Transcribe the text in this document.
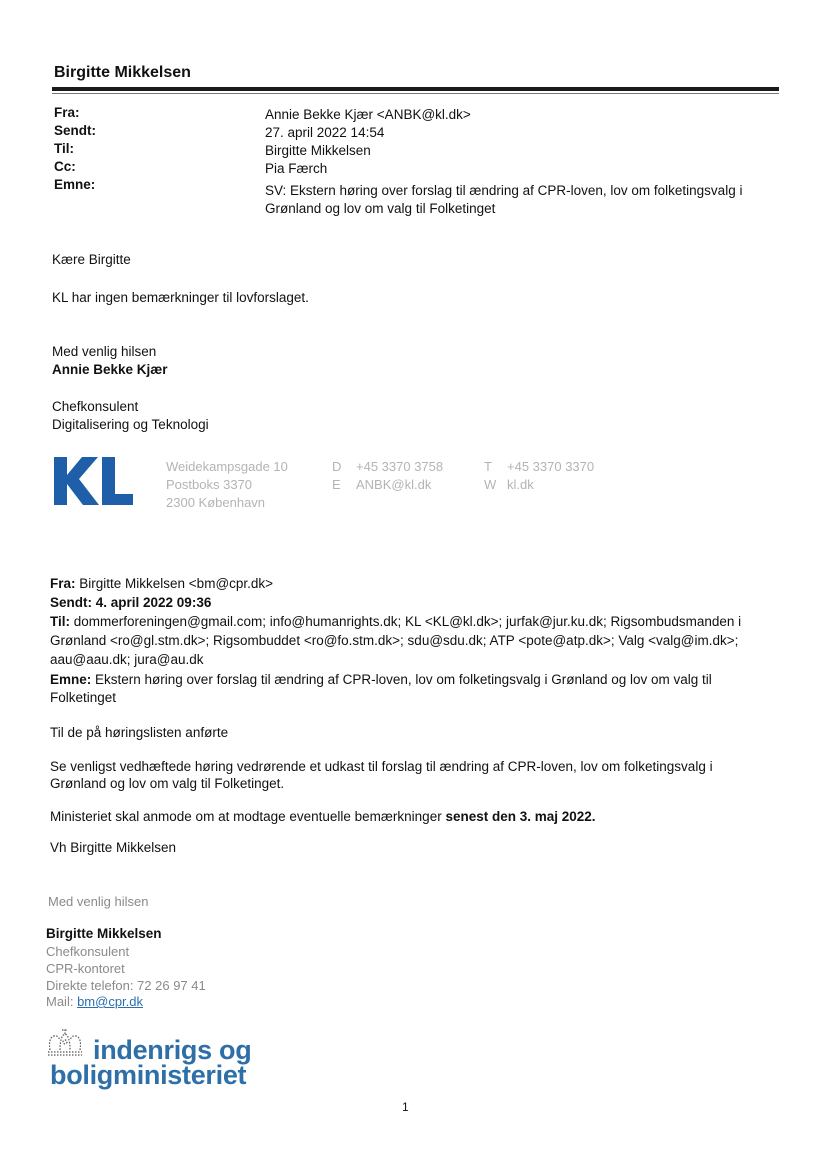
Birgitte Mikkelsen
Fra:
Sendt:
Til:
Cc:
Emne:
Annie Bekke Kjær <ANBK@kl.dk>
27. april 2022 14:54
Birgitte Mikkelsen
Pia Færch
SV: Ekstern høring over forslag til ændring af CPR-loven, lov om folketingsvalg i
Grønland og lov om valg til Folketinget
Kære Birgitte
KL har ingen bemærkninger til lovforslaget.
Med venlig hilsen
Annie Bekke Kjær
Chefkonsulent
Digitalisering og Teknologi
Weidekampsgade 10
Postboks 3370
2300 København
D +45 3370 3758
E ANBK@kl.dk
T +45 3370 3370
W kl.dk
Fra: Birgitte Mikkelsen <bm@cpr.dk>
Sendt: 4. april 2022 09:36
Til: dommerforeningen@gmail.com; info@humanrights.dk; KL <KL@kl.dk>; jurfak@jur.ku.dk; Rigsombudsmanden i
Grønland <ro@gl.stm.dk>; Rigsombuddet <ro@fo.stm.dk>; sdu@sdu.dk; ATP <pote@atp.dk>; Valg <valg@im.dk>;
aau@aau.dk; jura@au.dk
Emne: Ekstern høring over forslag til ændring af CPR-loven, lov om folketingsvalg i Grønland og lov om valg til
Folketinget
Til de på høringslisten anførte
Se venligst vedhæftede høring vedrørende et udkast til forslag til ændring af CPR-loven, lov om folketingsvalg i
Grønland og lov om valg til Folketinget.
Ministeriet skal anmode om at modtage eventuelle bemærkninger senest den 3. maj 2022.
Vh Birgitte Mikkelsen
Med venlig hilsen
Birgitte Mikkelsen
Chefkonsulent
CPR-kontoret
Direkte telefon: 72 26 97 41
Mail: bm@cpr.dk
indenrigs og
boligministeriet
1
